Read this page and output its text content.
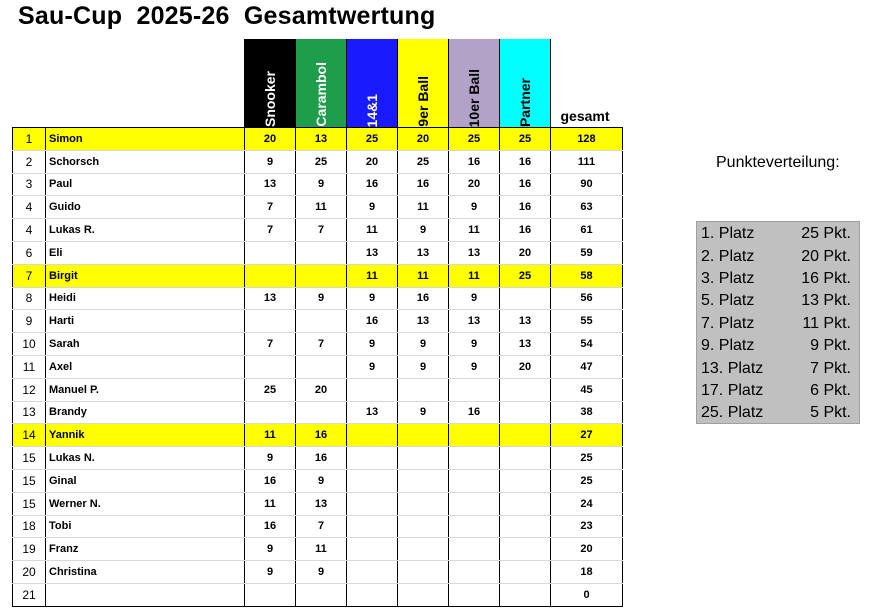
Sau-Cup  2025-26  Gesamtwertung
Snooker	Carambol	14&1	9er Ball	10er Ball	Partner	gesamt
1	Simon	20	13	25	20	25	25	128
2	Schorsch	9	25	20	25	16	16	111
3	Paul	13	9	16	16	20	16	90
4	Guido	7	11	9	11	9	16	63
4	Lukas R.	7	7	11	9	11	16	61
6	Eli			13	13	13	20	59
7	Birgit			11	11	11	25	58
8	Heidi	13	9	9	16	9		56
9	Harti			16	13	13	13	55
10	Sarah	7	7	9	9	9	13	54
11	Axel			9	9	9	20	47
12	Manuel P.	25	20					45
13	Brandy			13	9	16		38
14	Yannik	11	16					27
15	Lukas N.	9	16					25
15	Ginal	16	9					25
15	Werner N.	11	13					24
18	Tobi	16	7					23
19	Franz	9	11					20
20	Christina	9	9					18
21								0
Punkteverteilung:
1. Platz	25 Pkt.
2. Platz	20 Pkt.
3. Platz	16 Pkt.
5. Platz	13 Pkt.
7. Platz	11 Pkt.
9. Platz	9 Pkt.
13. Platz	7 Pkt.
17. Platz	6 Pkt.
25. Platz	5 Pkt.
